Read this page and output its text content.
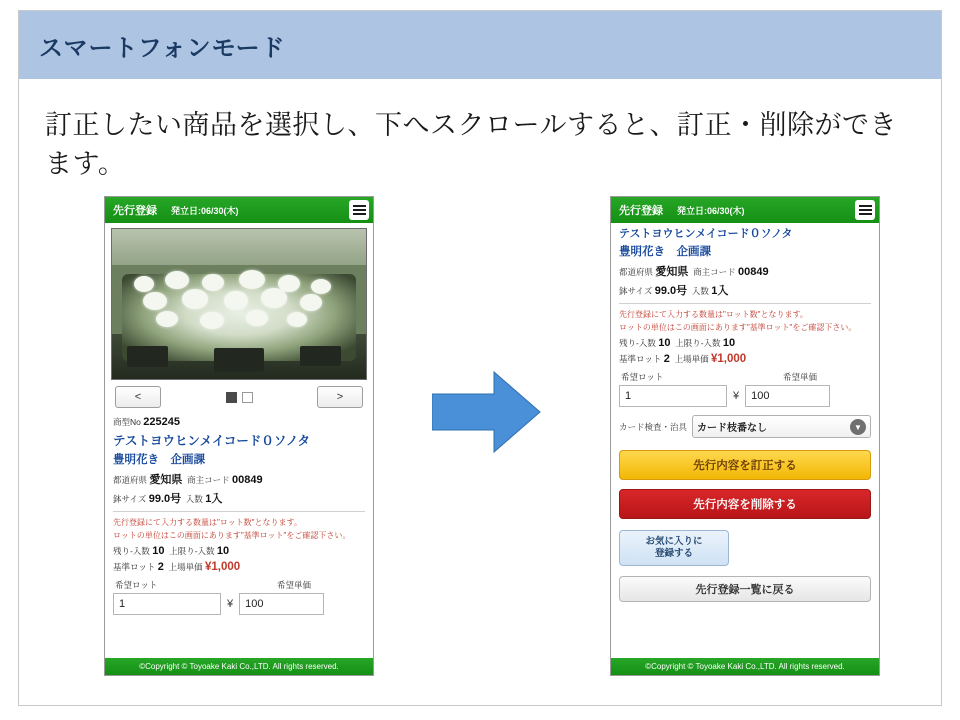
スマートフォンモード
訂正したい商品を選択し、下へスクロールすると、訂正・削除ができます。
先行登録 発立日:06/30(木)
<	>
商型No 225245
テストヨウヒンメイコード０ソノタ
豊明花き　企画課
都道府県 愛知県 商主コード 00849
鉢サイズ 99.0号 入数 1入
先行登録にて入力する数量は"ロット数"となります。
ロットの単位はこの画面にあります"基準ロット"をご確認下さい。
残り-入数 10 上限り-入数 10
基準ロット 2 上場単価 ¥1,000
希望ロット	希望単価
1	¥	100
©Copyright © Toyoake Kaki Co.,LTD. All rights reserved.
先行登録 発立日:06/30(木)
テストヨウヒンメイコード０ソノタ
豊明花き　企画課
都道府県 愛知県 商主コード 00849
鉢サイズ 99.0号 入数 1入
先行登録にて入力する数量は"ロット数"となります。
ロットの単位はこの画面にあります"基準ロット"をご確認下さい。
残り-入数 10 上限り-入数 10
基準ロット 2 上場単価 ¥1,000
希望ロット	希望単価
1	¥	100
カード検査・治具 カード枝番なし	▼
先行内容を訂正する
先行内容を削除する
お気に入りに
登録する
先行登録一覧に戻る
©Copyright © Toyoake Kaki Co.,LTD. All rights reserved.
